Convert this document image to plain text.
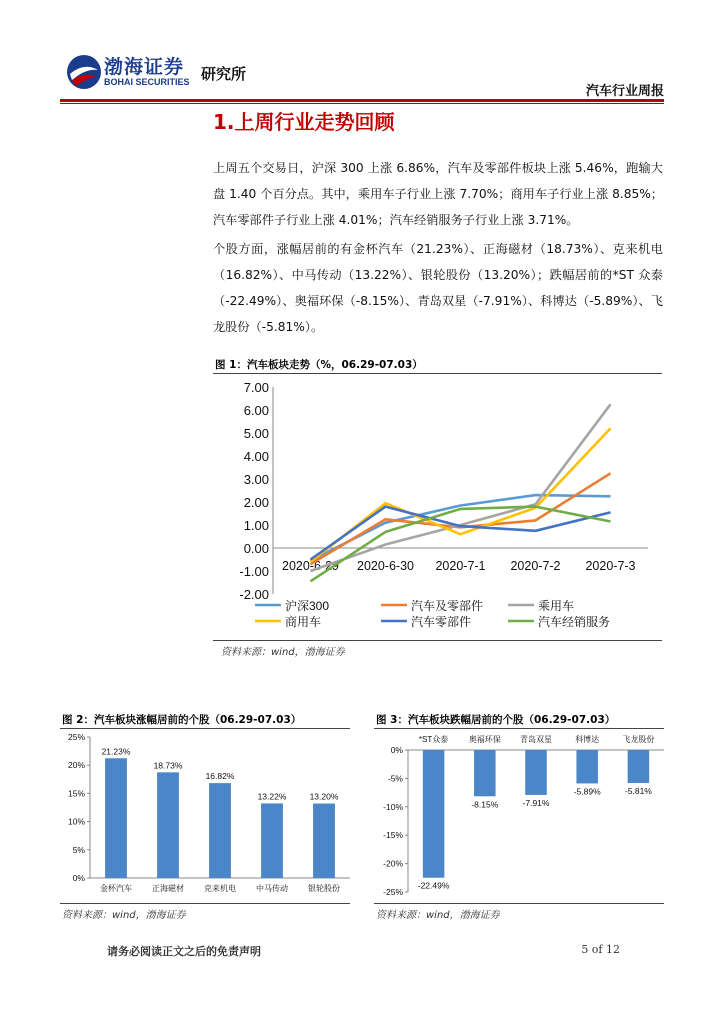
渤海证券
BOHAI SECURITIES 研究所
汽车行业周报
1.上周行业走势回顾

上周五个交易日，沪深 300 上涨 6.86%，汽车及零部件板块上涨 5.46%，跑输大盘 1.40 个百分点。其中，乘用车子行业上涨 7.70%；商用车子行业上涨 8.85%；汽车零部件子行业上涨 4.01%；汽车经销服务子行业上涨 3.71%。

个股方面，涨幅居前的有金杯汽车（21.23%）、正海磁材（18.73%）、克来机电（16.82%）、中马传动（13.22%）、银轮股份（13.20%）；跌幅居前的*ST 众泰（-22.49%）、奥福环保（-8.15%）、青岛双星（-7.91%）、科博达（-5.89%）、飞龙股份（-5.81%）。

图 1：汽车板块走势（%，06.29-07.03）
7.00
6.00
5.00
4.00
3.00
2.00
1.00
0.00
-1.00
-2.00
2020-6-29 2020-6-30 2020-7-1 2020-7-2 2020-7-3
沪深300	汽车及零部件	乘用车
商用车	汽车零部件	汽车经销服务
资料来源：wind，渤海证券
图 2：汽车板块涨幅居前的个股（06.29-07.03）
25%
20%
15%
10%
5%
0%
21.23%
金杯汽车
18.73%
正海磁材
16.82%
克来机电
13.22%
中马传动
13.20%
银轮股份
资料来源：wind，渤海证券
图 3：汽车板块跌幅居前的个股（06.29-07.03）
0%
-5%
-10%
-15%
-20%
-25%
-22.49%
*ST众泰
-8.15%
奥福环保
-7.91%
青岛双星
-5.89%
科博达
-5.81%
飞龙股份
资料来源：wind，渤海证券
请务必阅读正文之后的免责声明	5 of 12
